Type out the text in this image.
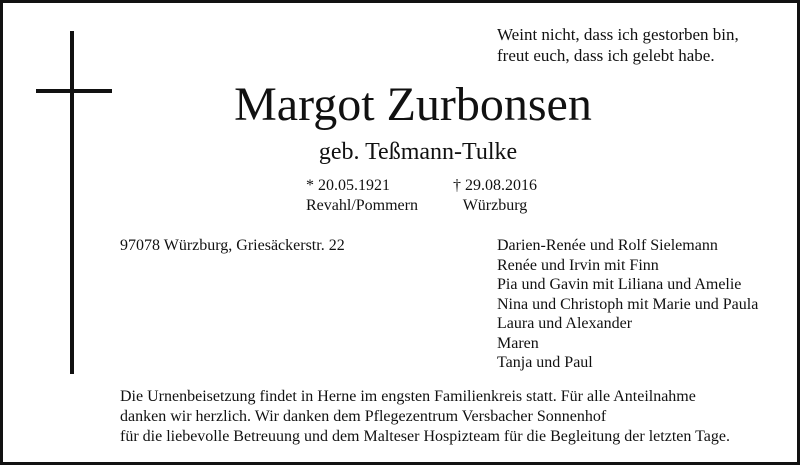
Weint nicht, dass ich gestorben bin,
freut euch, dass ich gelebt habe.
Margot Zurbonsen
geb. Teßmann-Tulke
* 20.05.1921
Revahl/Pommern
† 29.08.2016
Würzburg
97078 Würzburg, Griesäckerstr. 22	Darien-Renée und Rolf Sielemann
Renée und Irvin mit Finn
Pia und Gavin mit Liliana und Amelie
Nina und Christoph mit Marie und Paula
Laura und Alexander
Maren
Tanja und Paul
Die Urnenbeisetzung findet in Herne im engsten Familienkreis statt. Für alle Anteilnahme
danken wir herzlich. Wir danken dem Pflegezentrum Versbacher Sonnenhof
für die liebevolle Betreuung und dem Malteser Hospizteam für die Begleitung der letzten Tage.
